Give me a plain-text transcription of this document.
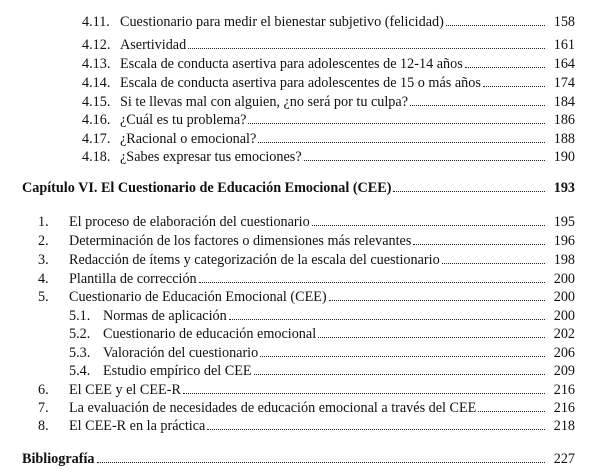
4.11. Cuestionario para medir el bienestar subjetivo (felicidad)	158
4.12. Asertividad	161
4.13. Escala de conducta asertiva para adolescentes de 12-14 años	164
4.14. Escala de conducta asertiva para adolescentes de 15 o más años	174
4.15. Si te llevas mal con alguien, ¿no será por tu culpa?	184
4.16. ¿Cuál es tu problema?	186
4.17. ¿Racional o emocional?	188
4.18. ¿Sabes expresar tus emociones?	190
Capítulo VI. El Cuestionario de Educación Emocional (CEE)	193
1.	El proceso de elaboración del cuestionario	195
2.	Determinación de los factores o dimensiones más relevantes	196
3.	Redacción de ítems y categorización de la escala del cuestionario	198
4.	Plantilla de corrección	200
5.	Cuestionario de Educación Emocional (CEE)	200
5.1. Normas de aplicación	200
5.2. Cuestionario de educación emocional	202
5.3. Valoración del cuestionario	206
5.4. Estudio empírico del CEE	209
6.	El CEE y el CEE-R	216
7.	La evaluación de necesidades de educación emocional a través del CEE	216
8.	El CEE-R en la práctica	218
Bibliografía	227
